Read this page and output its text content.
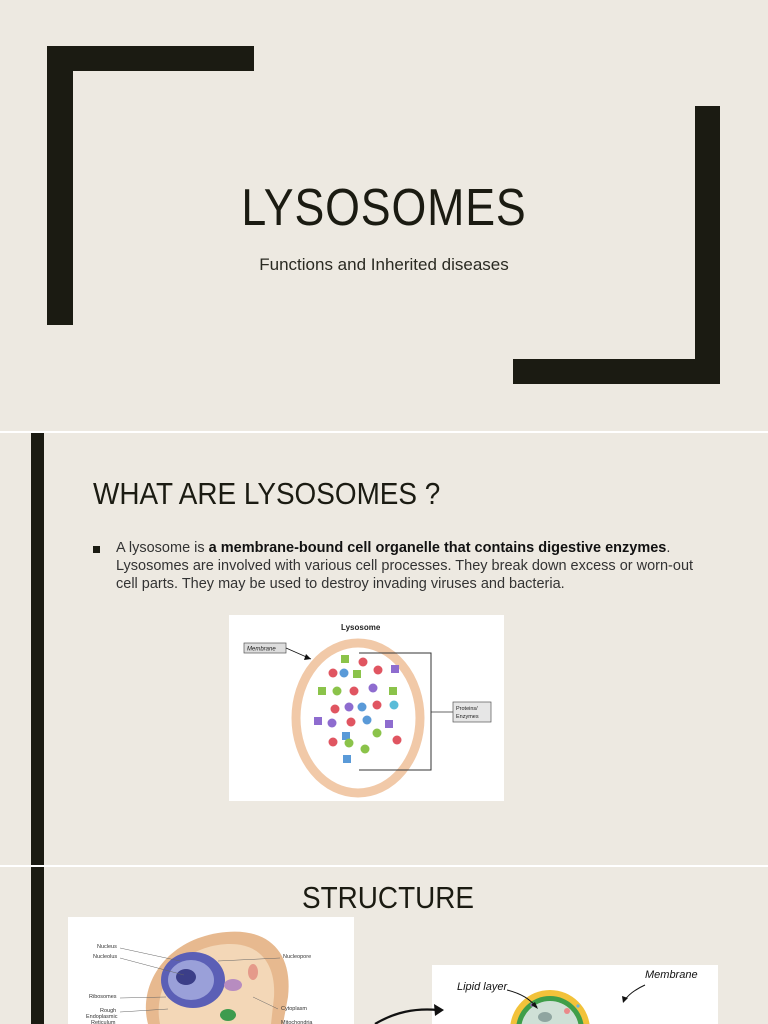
LYSOSOMES
Functions and Inherited diseases
WHAT ARE LYSOSOMES ?
A lysosome is a membrane-bound cell organelle that contains digestive enzymes. Lysosomes are involved with various cell processes. They break down excess or worn-out cell parts. They may be used to destroy invading viruses and bacteria.
Lysosome
Membrane
Proteins/
Enzymes
STRUCTURE
Nucleus
Nucleolus
Ribosomes
Rough
Endoplasmic
Reticulum
Nucleopore
Cytoplasm
Mitochondria
Lipid layer
Membrane
